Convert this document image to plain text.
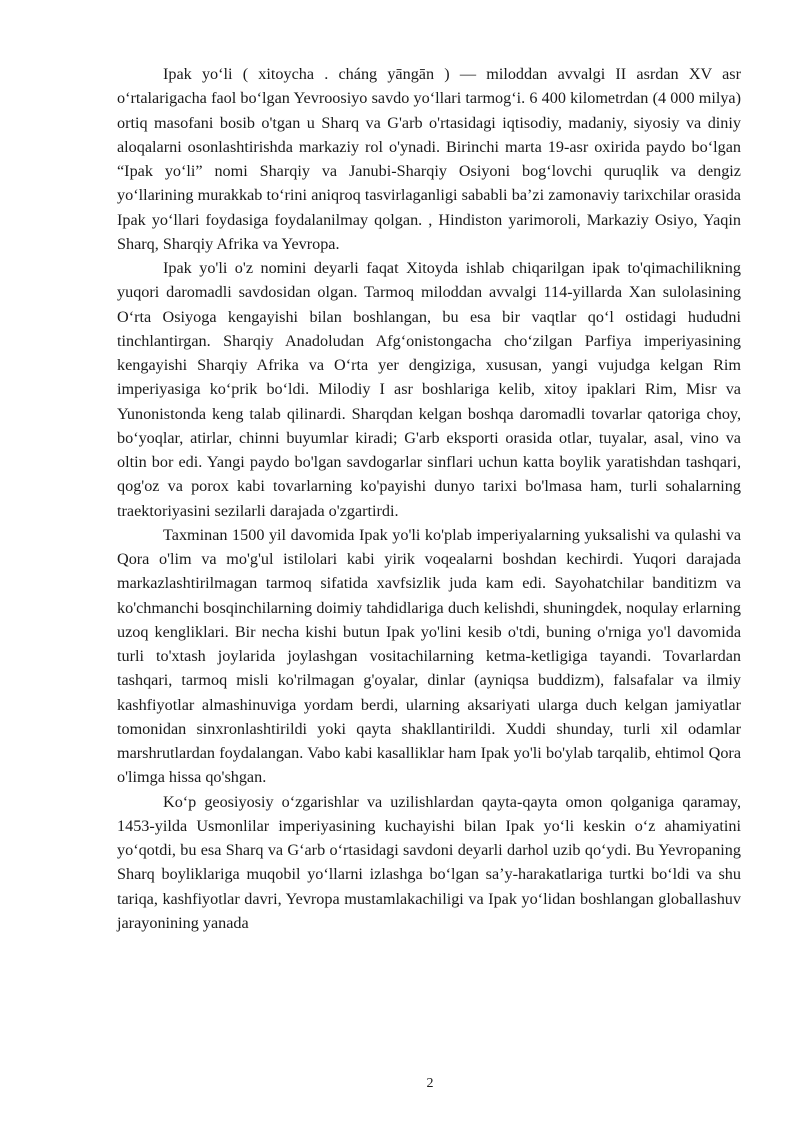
Ipak yoʻli ( xitoycha . cháng yāngān ) — miloddan avvalgi II asrdan XV asr oʻrtalarigacha faol boʻlgan Yevroosiyo savdo yoʻllari tarmogʻi. 6 400 kilometrdan (4 000 milya) ortiq masofani bosib o'tgan u Sharq va G'arb o'rtasidagi iqtisodiy, madaniy, siyosiy va diniy aloqalarni osonlashtirishda markaziy rol o'ynadi. Birinchi marta 19-asr oxirida paydo boʻlgan “Ipak yoʻli” nomi Sharqiy va Janubi-Sharqiy Osiyoni bogʻlovchi quruqlik va dengiz yoʻllarining murakkab toʻrini aniqroq tasvirlaganligi sababli baʼzi zamonaviy tarixchilar orasida Ipak yoʻllari foydasiga foydalanilmay qolgan. , Hindiston yarimoroli, Markaziy Osiyo, Yaqin Sharq, Sharqiy Afrika va Yevropa.

Ipak yo'li o'z nomini deyarli faqat Xitoyda ishlab chiqarilgan ipak to'qimachilikning yuqori daromadli savdosidan olgan. Tarmoq miloddan avvalgi 114-yillarda Xan sulolasining Oʻrta Osiyoga kengayishi bilan boshlangan, bu esa bir vaqtlar qoʻl ostidagi hududni tinchlantirgan. Sharqiy Anadoludan Afgʻonistongacha choʻzilgan Parfiya imperiyasining kengayishi Sharqiy Afrika va Oʻrta yer dengiziga, xususan, yangi vujudga kelgan Rim imperiyasiga koʻprik boʻldi. Milodiy I asr boshlariga kelib, xitoy ipaklari Rim, Misr va Yunonistonda keng talab qilinardi. Sharqdan kelgan boshqa daromadli tovarlar qatoriga choy, boʻyoqlar, atirlar, chinni buyumlar kiradi; G'arb eksporti orasida otlar, tuyalar, asal, vino va oltin bor edi. Yangi paydo bo'lgan savdogarlar sinflari uchun katta boylik yaratishdan tashqari, qog'oz va porox kabi tovarlarning ko'payishi dunyo tarixi bo'lmasa ham, turli sohalarning traektoriyasini sezilarli darajada o'zgartirdi.

Taxminan 1500 yil davomida Ipak yo'li ko'plab imperiyalarning yuksalishi va qulashi va Qora o'lim va mo'g'ul istilolari kabi yirik voqealarni boshdan kechirdi. Yuqori darajada markazlashtirilmagan tarmoq sifatida xavfsizlik juda kam edi. Sayohatchilar banditizm va ko'chmanchi bosqinchilarning doimiy tahdidlariga duch kelishdi, shuningdek, noqulay erlarning uzoq kengliklari. Bir necha kishi butun Ipak yo'lini kesib o'tdi, buning o'rniga yo'l davomida turli to'xtash joylarida joylashgan vositachilarning ketma-ketligiga tayandi. Tovarlardan tashqari, tarmoq misli ko'rilmagan g'oyalar, dinlar (ayniqsa buddizm), falsafalar va ilmiy kashfiyotlar almashinuviga yordam berdi, ularning aksariyati ularga duch kelgan jamiyatlar tomonidan sinxronlashtirildi yoki qayta shakllantirildi. Xuddi shunday, turli xil odamlar marshrutlardan foydalangan. Vabo kabi kasalliklar ham Ipak yo'li bo'ylab tarqalib, ehtimol Qora o'limga hissa qo'shgan.

Koʻp geosiyosiy oʻzgarishlar va uzilishlardan qayta-qayta omon qolganiga qaramay, 1453-yilda Usmonlilar imperiyasining kuchayishi bilan Ipak yoʻli keskin oʻz ahamiyatini yoʻqotdi, bu esa Sharq va Gʻarb oʻrtasidagi savdoni deyarli darhol uzib qoʻydi. Bu Yevropaning Sharq boyliklariga muqobil yoʻllarni izlashga boʻlgan saʼy-harakatlariga turtki boʻldi va shu tariqa, kashfiyotlar davri, Yevropa mustamlakachiligi va Ipak yoʻlidan boshlangan globallashuv jarayonining yanada

2
